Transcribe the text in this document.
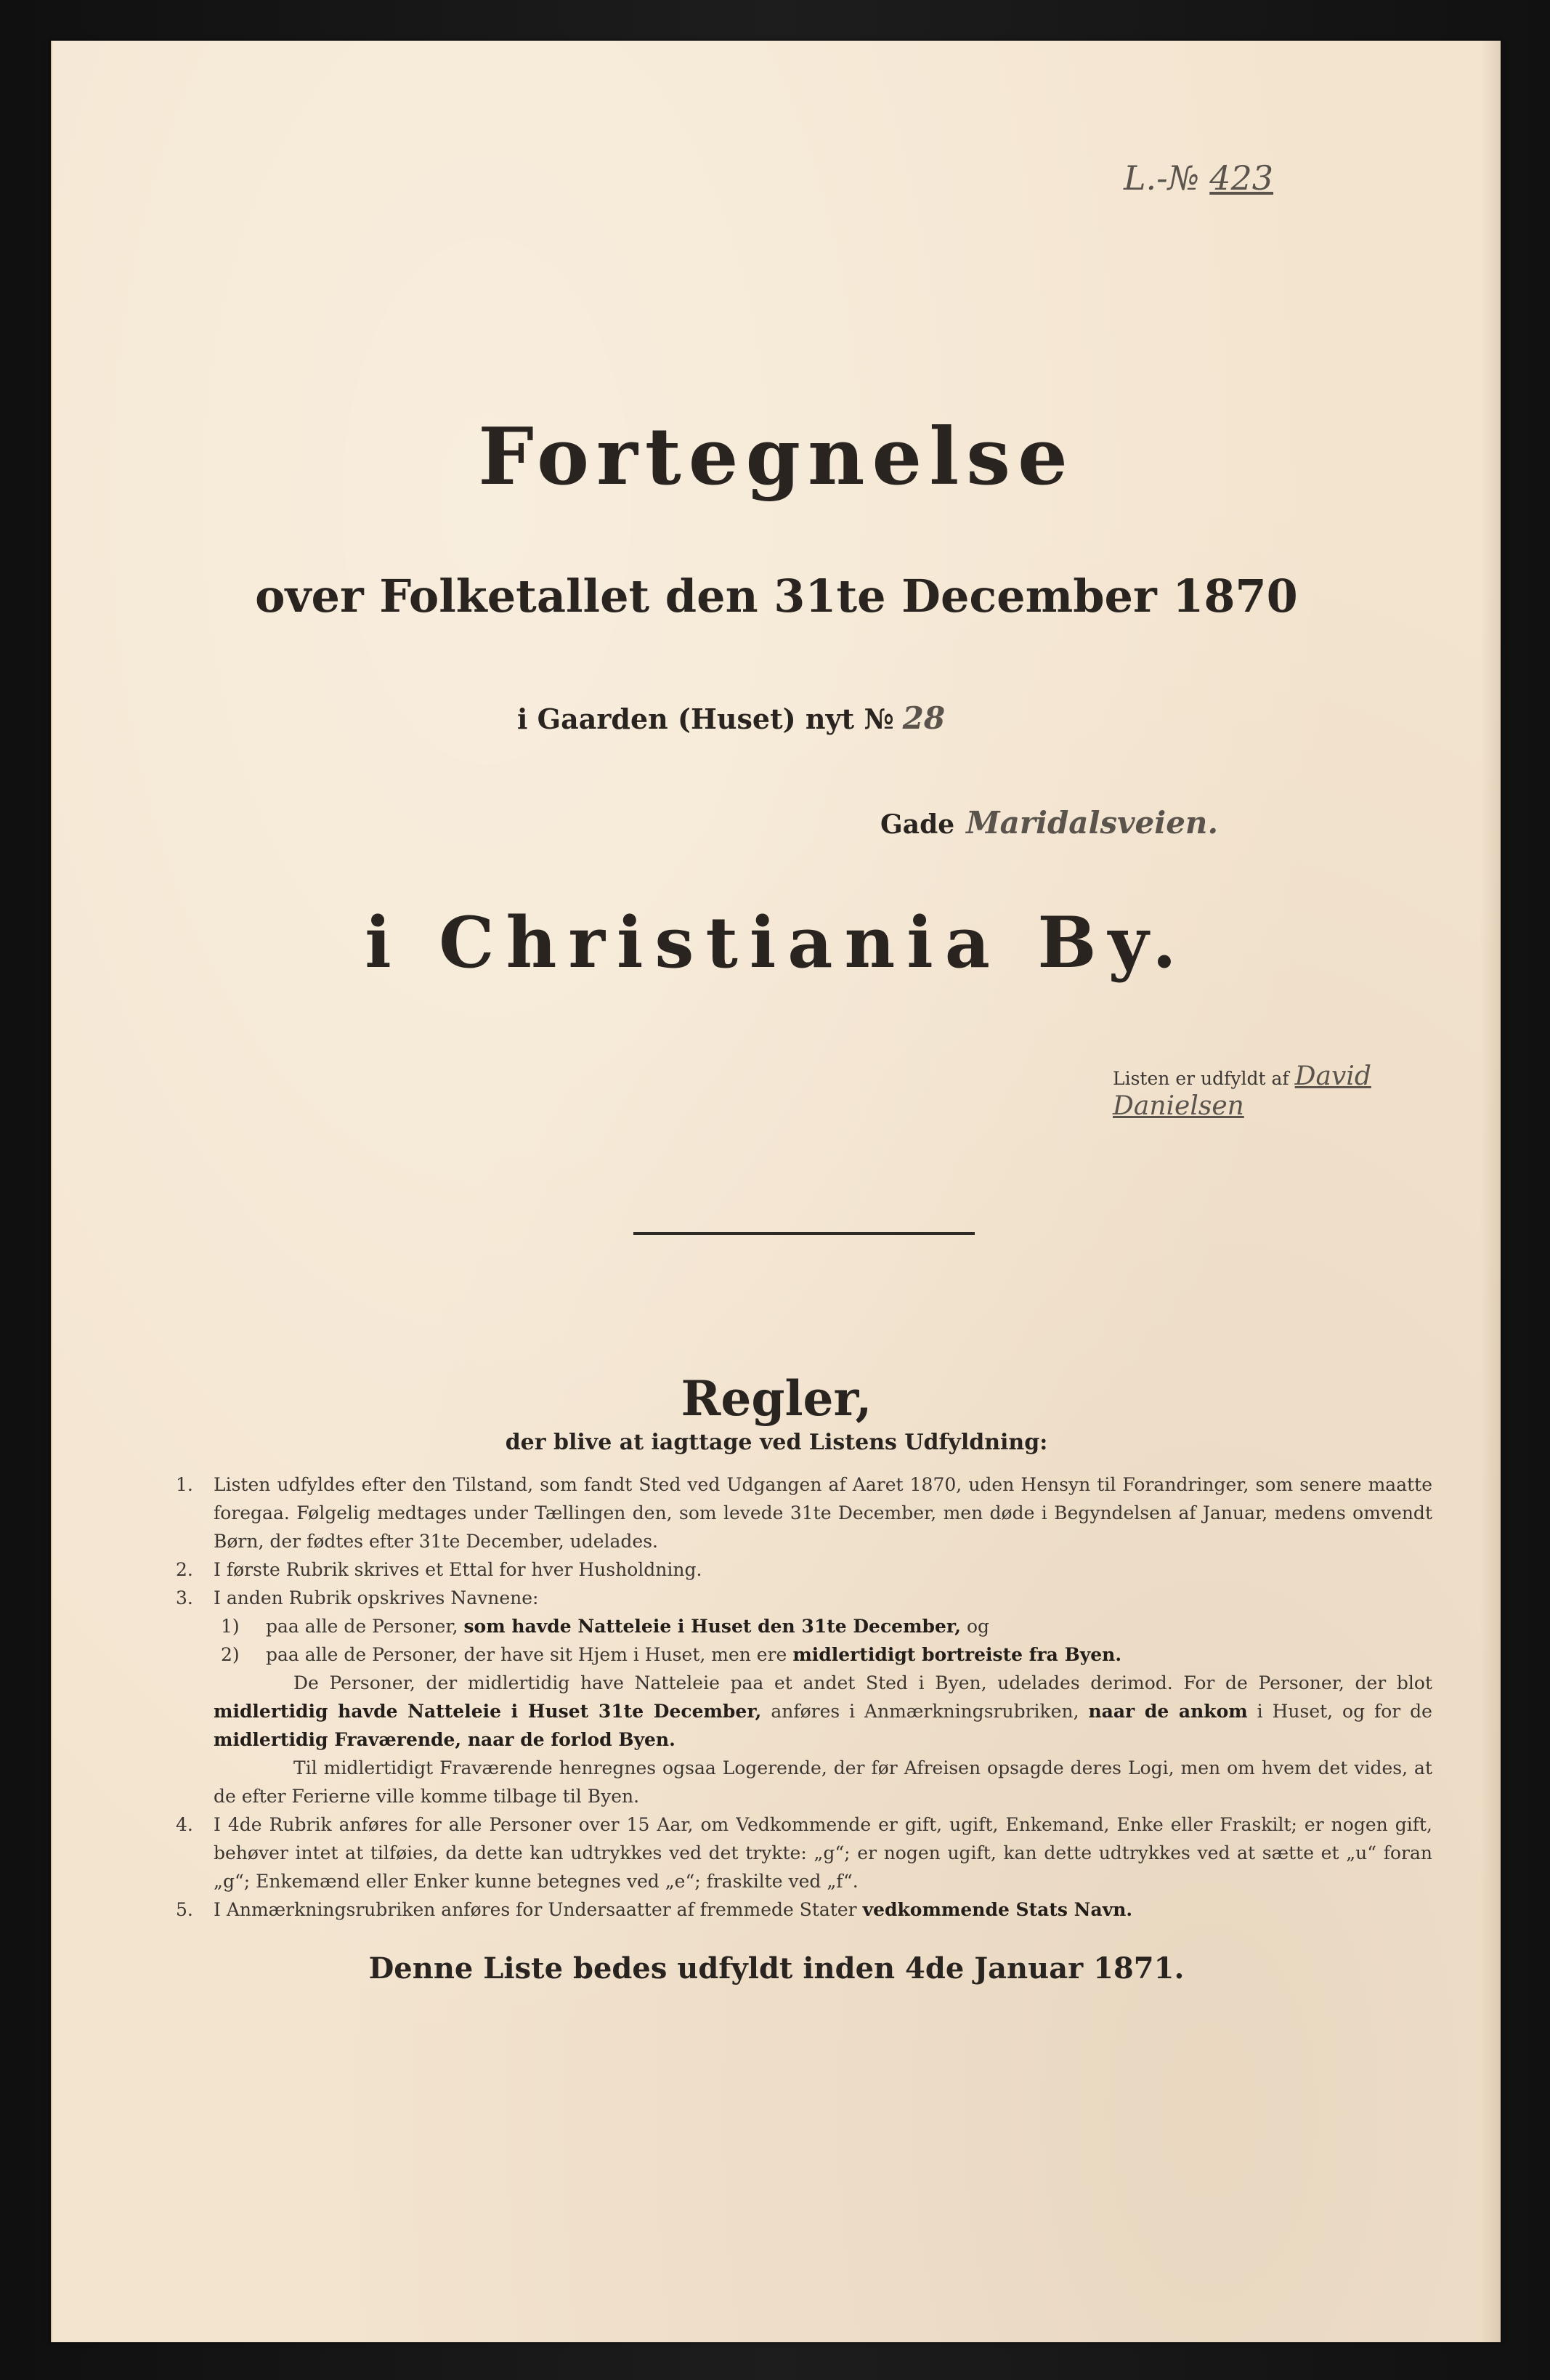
L.-№ 423
Fortegnelse
over Folketallet den 31te December 1870
i Gaarden (Huset) nyt № 28
Gade Maridalsveien.
i Christiania By.
Listen er udfyldt af David Danielsen
Regler,
der blive at iagttage ved Listens Udfyldning:
1. Listen udfyldes efter den Tilstand, som fandt Sted ved Udgangen af Aaret 1870, uden Hensyn til Forandringer, som senere maatte foregaa. Følgelig medtages under Tællingen den, som levede 31te December, men døde i Begyndelsen af Januar, medens omvendt Børn, der fødtes efter 31te December, udelades.
2. I første Rubrik skrives et Ettal for hver Husholdning.
3. I anden Rubrik opskrives Navnene:
1) paa alle de Personer, som havde Natteleie i Huset den 31te December, og
2) paa alle de Personer, der have sit Hjem i Huset, men ere midlertidigt bortreiste fra Byen.
De Personer, der midlertidig have Natteleie paa et andet Sted i Byen, udelades derimod. For de Personer, der blot midlertidig havde Natteleie i Huset 31te December, anføres i Anmærkningsrubriken, naar de ankom i Huset, og for de midlertidig Fraværende, naar de forlod Byen.
Til midlertidigt Fraværende henregnes ogsaa Logerende, der før Afreisen opsagde deres Logi, men om hvem det vides, at de efter Ferierne ville komme tilbage til Byen.
4. I 4de Rubrik anføres for alle Personer over 15 Aar, om Vedkommende er gift, ugift, Enkemand, Enke eller Fraskilt; er nogen gift, behøver intet at tilføies, da dette kan udtrykkes ved det trykte: „g“; er nogen ugift, kan dette udtrykkes ved at sætte et „u“ foran „g“; Enkemænd eller Enker kunne betegnes ved „e“; fraskilte ved „f“.
5. I Anmærkningsrubriken anføres for Undersaatter af fremmede Stater vedkommende Stats Navn.
Denne Liste bedes udfyldt inden 4de Januar 1871.
